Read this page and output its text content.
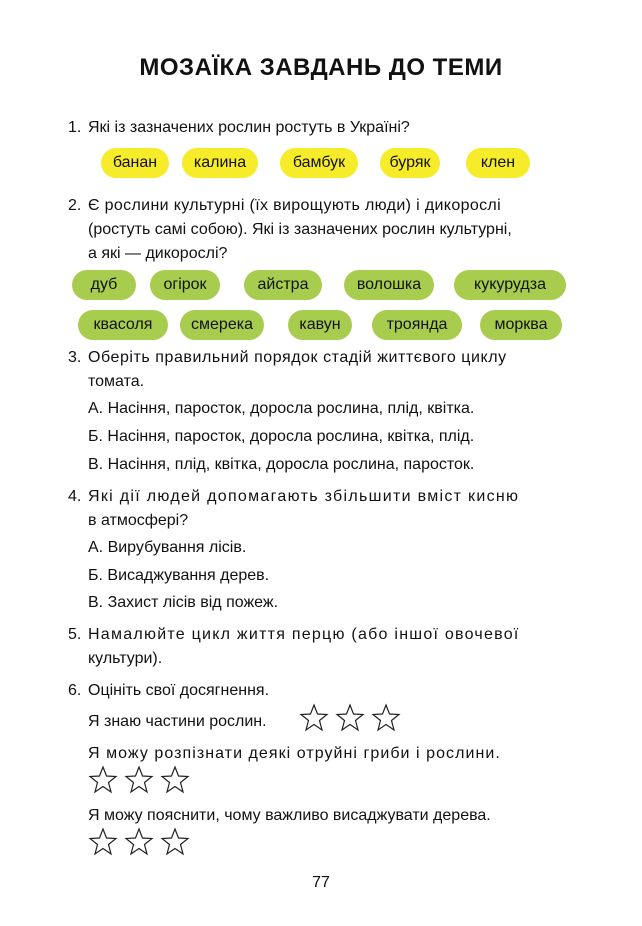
МОЗАЇКА ЗАВДАНЬ ДО ТЕМИ
1. Які із зазначених рослин ростуть в Україні?
банан	калина	бамбук	буряк	клен
2. Є рослини культурні (їх вирощують люди) і дикорослі
(ростуть самі собою). Які із зазначених рослин культурні,
а які — дикорослі?
дуб	огірок	айстра	волошка	кукурудза
квасоля	смерека	кавун	троянда	морква
3. Оберіть правильний порядок стадій життєвого циклу
томата.
А. Насіння, паросток, доросла рослина, плід, квітка.
Б. Насіння, паросток, доросла рослина, квітка, плід.
В. Насіння, плід, квітка, доросла рослина, паросток.
4. Які дії людей допомагають збільшити вміст кисню
в атмосфері?
А. Вирубування лісів.
Б. Висаджування дерев.
В. Захист лісів від пожеж.
5. Намалюйте цикл життя перцю (або іншої овочевої
культури).
6. Оцініть свої досягнення.
Я знаю частини рослин.
Я можу розпізнати деякі отруйні гриби і рослини.
Я можу пояснити, чому важливо висаджувати дерева.
77
